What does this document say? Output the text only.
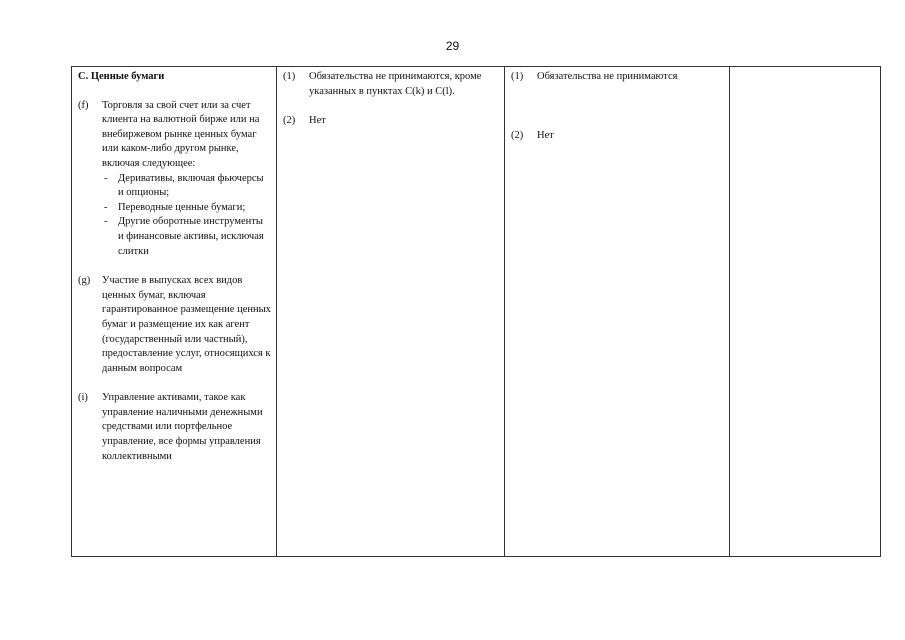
29
C. Ценные бумаги
(f)	Торговля за свой счет или за счет клиента на валютной бирже или на внебиржевом рынке ценных бумаг или каком-либо другом рынке, включая следующее:
-	Деривативы, включая фьючерсы и опционы;
-	Переводные ценные бумаги;
-	Другие оборотные инструменты и финансовые активы, исключая слитки
(g)	Участие в выпусках всех видов ценных бумаг, включая гарантированное размещение ценных бумаг и размещение их как агент (государственный или частный), предоставление услуг, относящихся к данным вопросам
(i)	Управление активами, такое как управление наличными денежными средствами или портфельное управление, все формы управления коллективными

(1)	Обязательства не принимаются, кроме указанных в пунктах C(k) и C(l).
(2)	Нет

(1)	Обязательства не принимаются
(2)	Нет
